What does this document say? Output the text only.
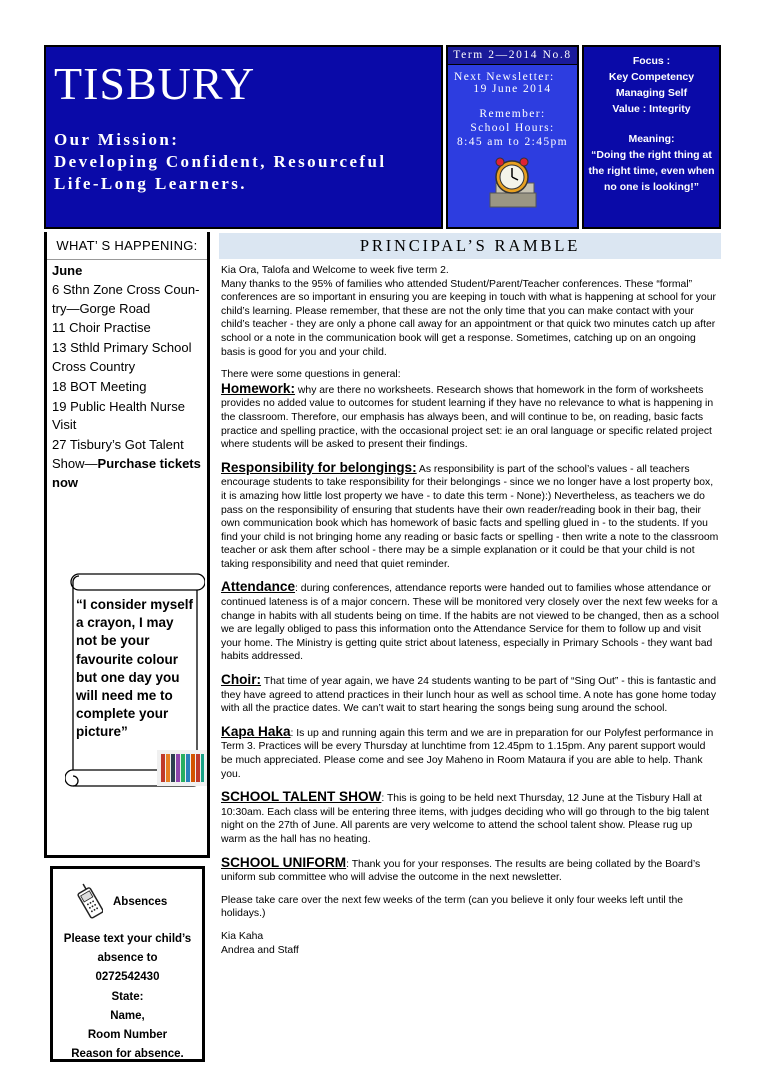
TISBURY
Our Mission:
Developing Confident, Resourceful
Life-Long Learners.
Term 2—2014 No.8
Next Newsletter:
19 June 2014
Remember:
School Hours:
8:45 am to 2:45pm
Focus :
Key Competency
Managing Self
Value : Integrity
Meaning:
“Doing the right thing at
the right time, even when
no one is looking!”
WHAT’ S HAPPENING:
June
6 Sthn Zone Cross Coun-
try—Gorge Road
11 Choir Practise
13 Sthld Primary School
Cross Country
18 BOT Meeting
19 Public Health Nurse
Visit
27 Tisbury’s Got Talent
Show—Purchase tickets
now
“I consider myself
a crayon, I may
not be your
favourite colour
but one day you
will need me to
complete your
picture”
Absences
Please text your child’s
absence to
0272542430
State:
Name,
Room Number
Reason for absence.
PRINCIPAL’S RAMBLE

Kia Ora, Talofa and Welcome to week five term 2.
Many thanks to the 95% of families who attended Student/Parent/Teacher conferences. These “formal” conferences are so important in ensuring you are keeping in touch with what is happening at school for your child’s learning. Please remember, that these are not the only time that you can make contact with your child’s teacher - they are only a phone call away for an appointment or that quick two minutes catch up after school or a note in the communication book will get a response. Sometimes, catching up on an ongoing basis is good for you and your child.

There were some questions in general:

Homework: why are there no worksheets. Research shows that homework in the form of worksheets provides no added value to outcomes for student learning if they have no relevance to what is happening in the classroom. Therefore, our emphasis has always been, and will continue to be, on reading, basic facts practice and spelling practice, with the occasional project set: ie an oral language or specific related project where students will be asked to present their findings.
Responsibility for belongings: As responsibility is part of the school’s values - all teachers encourage students to take responsibility for their belongings - since we no longer have a lost property box, it is amazing how little lost property we have - to date this term - None):) Nevertheless, as teachers we do pass on the responsibility of ensuring that students have their own reader/reading book in their bag, their own communication book which has homework of basic facts and spelling glued in - to the students. If you find your child is not bringing home any reading or basic facts or spelling - then write a note to the classroom teacher or ask them after school - there may be a simple explanation or it could be that your child is not taking responsibility and need that quiet reminder.
Attendance: during conferences, attendance reports were handed out to families whose attendance or continued lateness is of a major concern. These will be monitored very closely over the next few weeks for a change in habits with all students being on time. If the habits are not viewed to be changed, then as a school we are legally obliged to pass this information onto the Attendance Service for them to follow up and visit your home. The Ministry is getting quite strict about lateness, especially in Primary Schools - they want bad habits addressed.
Choir: That time of year again, we have 24 students wanting to be part of “Sing Out” - this is fantastic and they have agreed to attend practices in their lunch hour as well as school time. A note has gone home today with all the practice dates. We can’t wait to start hearing the songs being sung around the school.
Kapa Haka: Is up and running again this term and we are in preparation for our Polyfest performance in Term 3. Practices will be every Thursday at lunchtime from 12.45pm to 1.15pm. Any parent support would be much appreciated. Please come and see Joy Maheno in Room Mataura if you are able to help. Thank you.
SCHOOL TALENT SHOW: This is going to be held next Thursday, 12 June at the Tisbury Hall at 10:30am. Each class will be entering three items, with judges deciding who will go through to the big talent night on the 27th of June. All parents are very welcome to attend the school talent show. Please rug up warm as the hall has no heating.
SCHOOL UNIFORM: Thank you for your responses. The results are being collated by the Board’s uniform sub committee who will advise the outcome in the next newsletter.

Please take care over the next few weeks of the term (can you believe it only four weeks left until the holidays.)

Kia Kaha
Andrea and Staff
